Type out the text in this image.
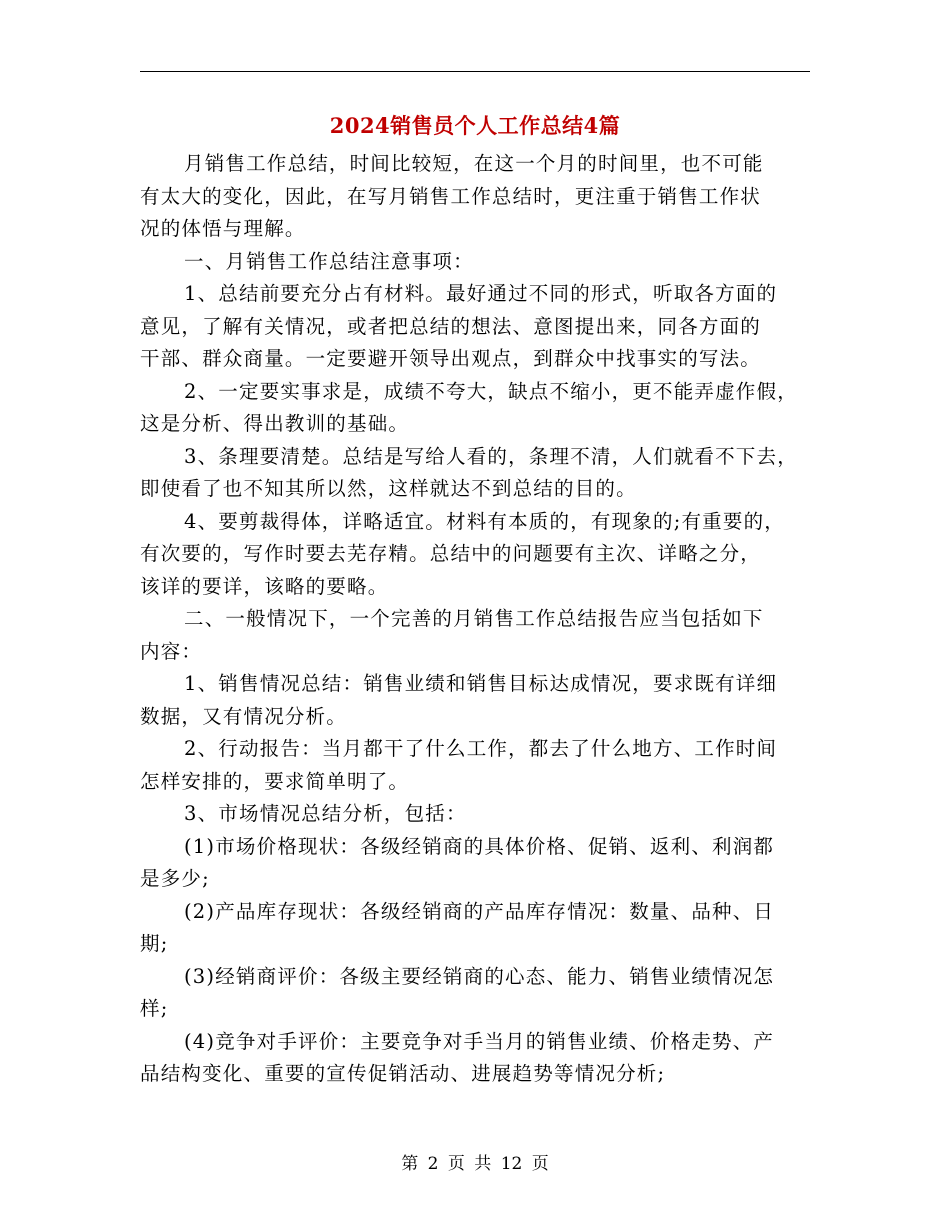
2024销售员个人工作总结4篇

月销售工作总结，时间比较短，在这一个月的时间里，也不可能
有太大的变化，因此，在写月销售工作总结时，更注重于销售工作状
况的体悟与理解。

一、月销售工作总结注意事项：

1、总结前要充分占有材料。最好通过不同的形式，听取各方面的
意见，了解有关情况，或者把总结的想法、意图提出来，同各方面的
干部、群众商量。一定要避开领导出观点，到群众中找事实的写法。

2、一定要实事求是，成绩不夸大，缺点不缩小，更不能弄虚作假，
这是分析、得出教训的基础。

3、条理要清楚。总结是写给人看的，条理不清，人们就看不下去，
即使看了也不知其所以然，这样就达不到总结的目的。

4、要剪裁得体，详略适宜。材料有本质的，有现象的;有重要的，
有次要的，写作时要去芜存精。总结中的问题要有主次、详略之分，
该详的要详，该略的要略。

二、一般情况下，一个完善的月销售工作总结报告应当包括如下
内容：

1、销售情况总结：销售业绩和销售目标达成情况，要求既有详细
数据，又有情况分析。

2、行动报告：当月都干了什么工作，都去了什么地方、工作时间
怎样安排的，要求简单明了。

3、市场情况总结分析，包括：

(1)市场价格现状：各级经销商的具体价格、促销、返利、利润都
是多少;

(2)产品库存现状：各级经销商的产品库存情况：数量、品种、日
期;

(3)经销商评价：各级主要经销商的心态、能力、销售业绩情况怎
样;

(4)竞争对手评价：主要竞争对手当月的销售业绩、价格走势、产
品结构变化、重要的宣传促销活动、进展趋势等情况分析;

第 2 页 共 12 页
